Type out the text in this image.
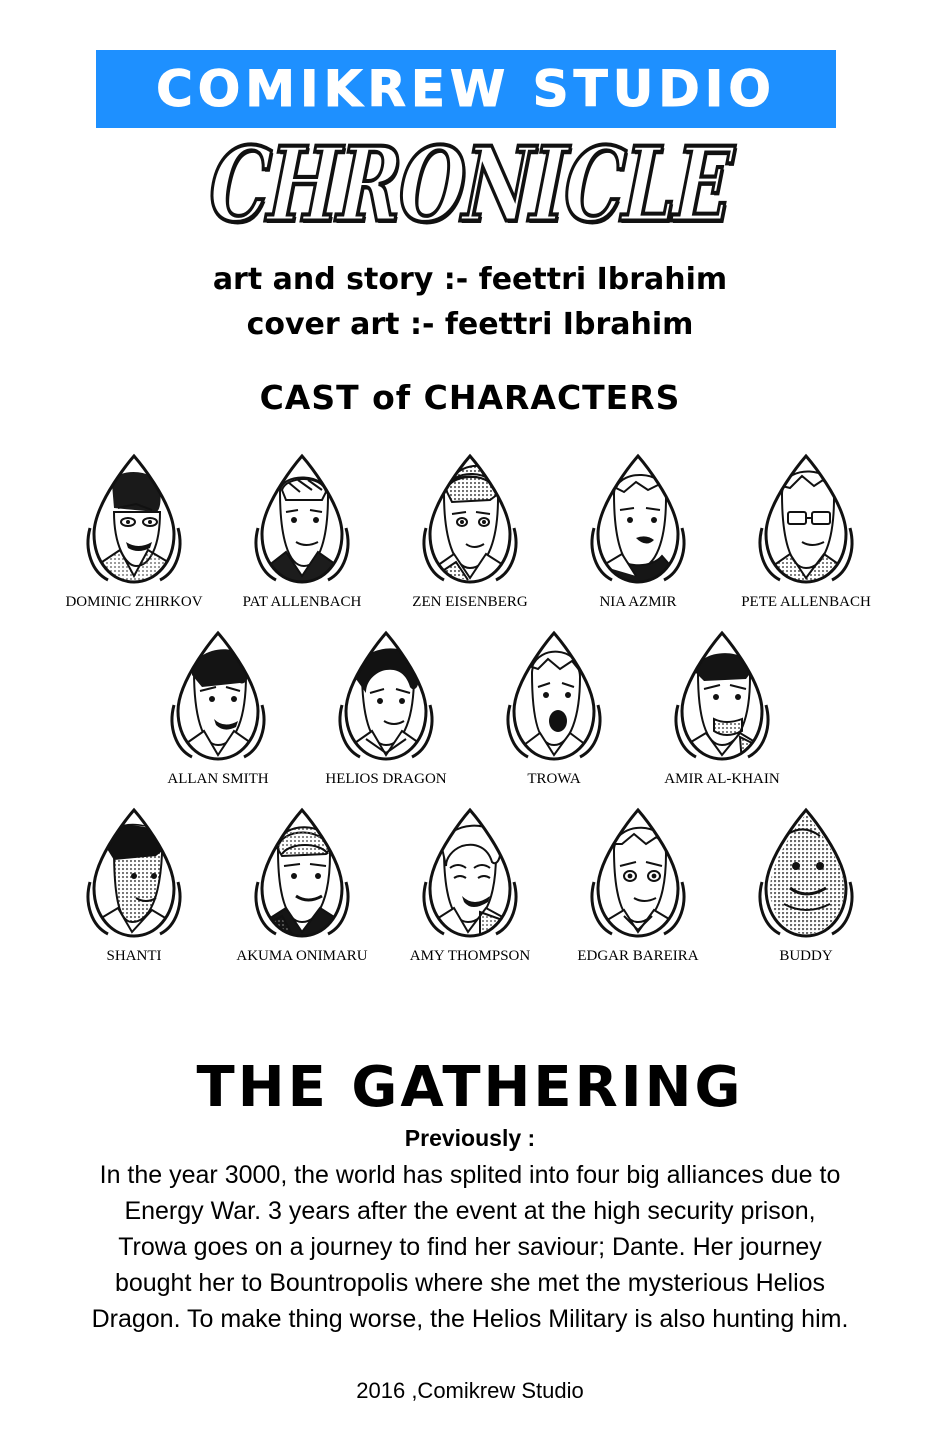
COMIKREW STUDIO
CHRONICLE
art and story :- feettri Ibrahim
cover art :- feettri Ibrahim
CAST of CHARACTERS
DOMINIC ZHIRKOV	PAT ALLENBACH	ZEN EISENBERG	NIA AZMIR	PETE ALLENBACH
ALLAN SMITH	HELIOS DRAGON	TROWA	AMIR AL-KHAIN
SHANTI	AKUMA ONIMARU	AMY THOMPSON	EDGAR BAREIRA	BUDDY
THE GATHERING
Previously :
In the year 3000, the world has splited into four big alliances due to Energy War. 3 years after the event at the high security prison, Trowa goes on a journey to find her saviour; Dante. Her journey bought her to Bountropolis where she met the mysterious Helios Dragon. To make thing worse, the Helios Military is also hunting him.
2016 ,Comikrew Studio
